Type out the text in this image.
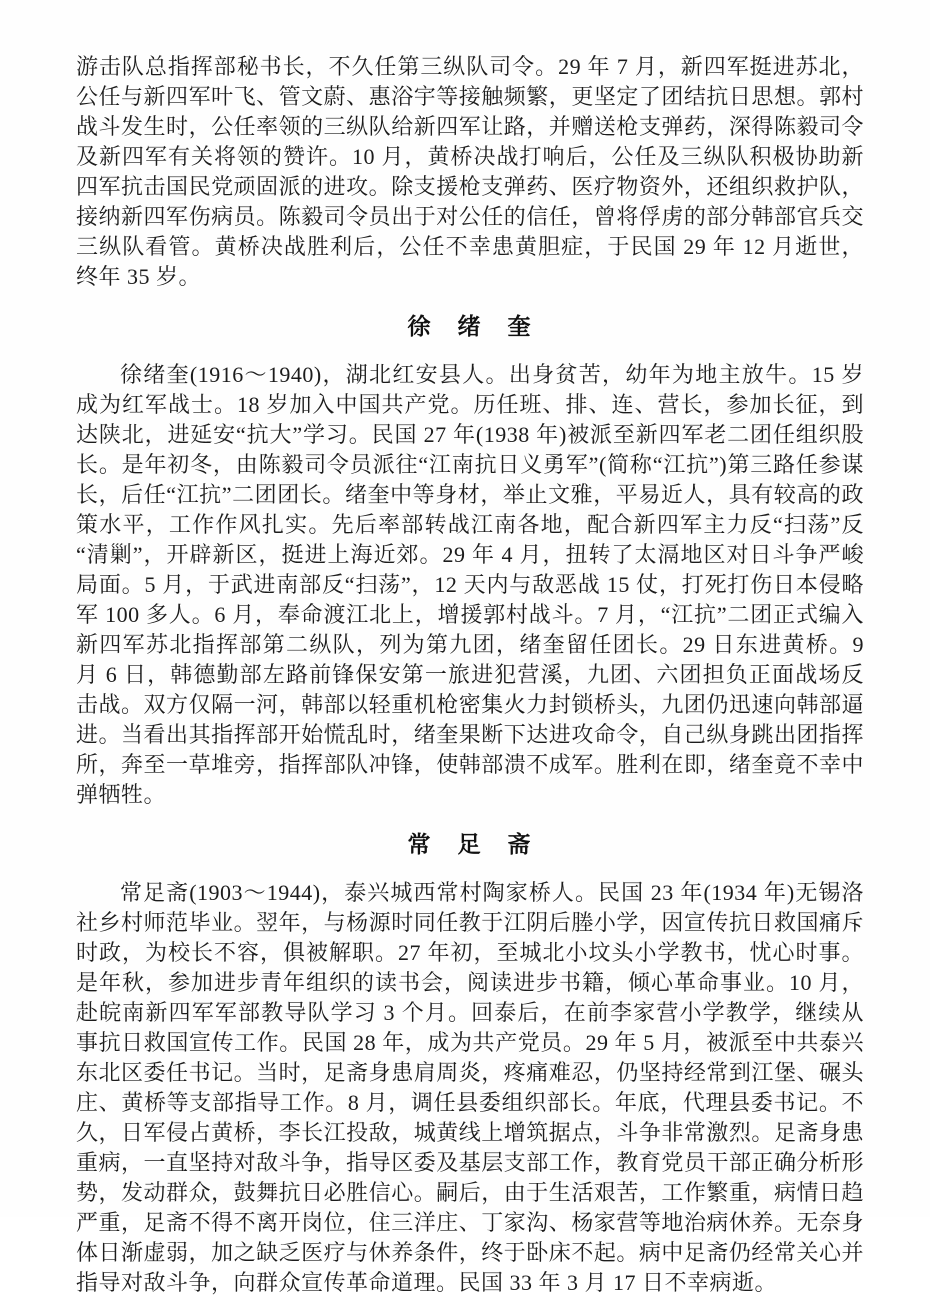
游击队总指挥部秘书长，不久任第三纵队司令。29 年 7 月，新四军挺进苏北，公任与新四军叶飞、管文蔚、惠浴宇等接触频繁，更坚定了团结抗日思想。郭村战斗发生时，公任率领的三纵队给新四军让路，并赠送枪支弹药，深得陈毅司令及新四军有关将领的赞许。10 月，黄桥决战打响后，公任及三纵队积极协助新四军抗击国民党顽固派的进攻。除支援枪支弹药、医疗物资外，还组织救护队，接纳新四军伤病员。陈毅司令员出于对公任的信任，曾将俘虏的部分韩部官兵交三纵队看管。黄桥决战胜利后，公任不幸患黄胆症，于民国 29 年 12 月逝世，终年 35 岁。

徐　绪　奎

徐绪奎(1916～1940)，湖北红安县人。出身贫苦，幼年为地主放牛。15 岁成为红军战士。18 岁加入中国共产党。历任班、排、连、营长，参加长征，到达陕北，进延安“抗大”学习。民国 27 年(1938 年)被派至新四军老二团任组织股长。是年初冬，由陈毅司令员派往“江南抗日义勇军”(简称“江抗”)第三路任参谋长，后任“江抗”二团团长。绪奎中等身材，举止文雅，平易近人，具有较高的政策水平，工作作风扎实。先后率部转战江南各地，配合新四军主力反“扫荡”反“清剿”，开辟新区，挺进上海近郊。29 年 4 月，扭转了太滆地区对日斗争严峻局面。5 月，于武进南部反“扫荡”，12 天内与敌恶战 15 仗，打死打伤日本侵略军 100 多人。6 月，奉命渡江北上，增援郭村战斗。7 月，“江抗”二团正式编入新四军苏北指挥部第二纵队，列为第九团，绪奎留任团长。29 日东进黄桥。9 月 6 日，韩德勤部左路前锋保安第一旅进犯营溪，九团、六团担负正面战场反击战。双方仅隔一河，韩部以轻重机枪密集火力封锁桥头，九团仍迅速向韩部逼进。当看出其指挥部开始慌乱时，绪奎果断下达进攻命令，自己纵身跳出团指挥所，奔至一草堆旁，指挥部队冲锋，使韩部溃不成军。胜利在即，绪奎竟不幸中弹牺牲。

常　足　斋

常足斋(1903～1944)，泰兴城西常村陶家桥人。民国 23 年(1934 年)无锡洛社乡村师范毕业。翌年，与杨源时同任教于江阴后塍小学，因宣传抗日救国痛斥时政，为校长不容，俱被解职。27 年初，至城北小坟头小学教书，忧心时事。是年秋，参加进步青年组织的读书会，阅读进步书籍，倾心革命事业。10 月，赴皖南新四军军部教导队学习 3 个月。回泰后，在前李家营小学教学，继续从事抗日救国宣传工作。民国 28 年，成为共产党员。29 年 5 月，被派至中共泰兴东北区委任书记。当时，足斋身患肩周炎，疼痛难忍，仍坚持经常到江堡、碾头庄、黄桥等支部指导工作。8 月，调任县委组织部长。年底，代理县委书记。不久，日军侵占黄桥，李长江投敌，城黄线上增筑据点，斗争非常激烈。足斋身患重病，一直坚持对敌斗争，指导区委及基层支部工作，教育党员干部正确分析形势，发动群众，鼓舞抗日必胜信心。嗣后，由于生活艰苦，工作繁重，病情日趋严重，足斋不得不离开岗位，住三洋庄、丁家沟、杨家营等地治病休养。无奈身体日渐虚弱，加之缺乏医疗与休养条件，终于卧床不起。病中足斋仍经常关心并指导对敌斗争，向群众宣传革命道理。民国 33 年 3 月 17 日不幸病逝。
